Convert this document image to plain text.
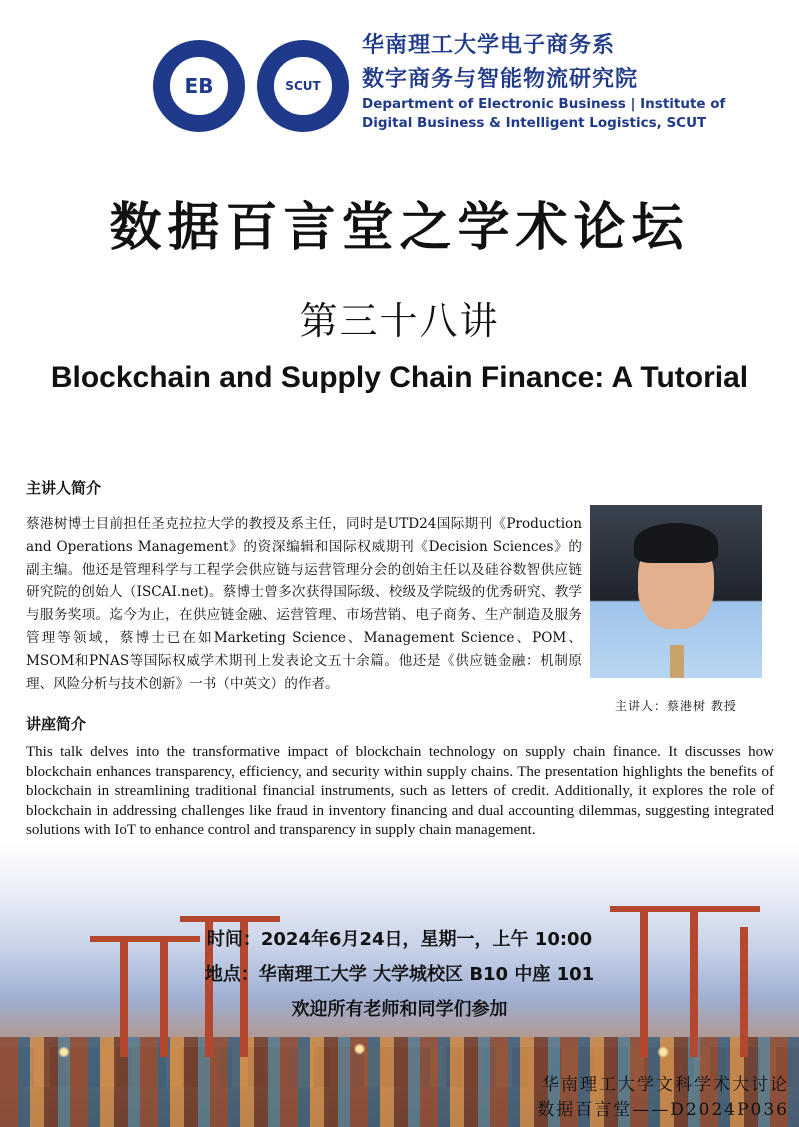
EB	SCUT
华南理工大学电子商务系
数字商务与智能物流研究院
Department of Electronic Business | Institute of
Digital Business & Intelligent Logistics, SCUT
数据百言堂之学术论坛
第三十八讲
Blockchain and Supply Chain Finance: A Tutorial
主讲人简介
蔡港树博士目前担任圣克拉拉大学的教授及系主任，同时是UTD24国际期刊《Production and Operations Management》的资深编辑和国际权威期刊《Decision Sciences》的副主编。他还是管理科学与工程学会供应链与运营管理分会的创始主任以及硅谷数智供应链研究院的创始人（ISCAI.net)。蔡博士曾多次获得国际级、校级及学院级的优秀研究、教学与服务奖项。迄今为止，在供应链金融、运营管理、市场营销、电子商务、生产制造及服务管理等领域，蔡博士已在如Marketing Science、Management Science、POM、MSOM和PNAS等国际权威学术期刊上发表论文五十余篇。他还是《供应链金融：机制原理、风险分析与技术创新》一书（中英文）的作者。
主讲人：蔡港树 教授
讲座简介
This talk delves into the transformative impact of blockchain technology on supply chain finance. It discusses how blockchain enhances transparency, efficiency, and security within supply chains. The presentation highlights the benefits of blockchain in streamlining traditional financial instruments, such as letters of credit. Additionally, it explores the role of blockchain in addressing challenges like fraud in inventory financing and dual accounting dilemmas, suggesting integrated solutions with IoT to enhance control and transparency in supply chain management.
时间：2024年6月24日，星期一，上午 10:00
地点：华南理工大学 大学城校区 B10 中座 101
欢迎所有老师和同学们参加
华南理工大学文科学术大讨论
数据百言堂——D2024P036
